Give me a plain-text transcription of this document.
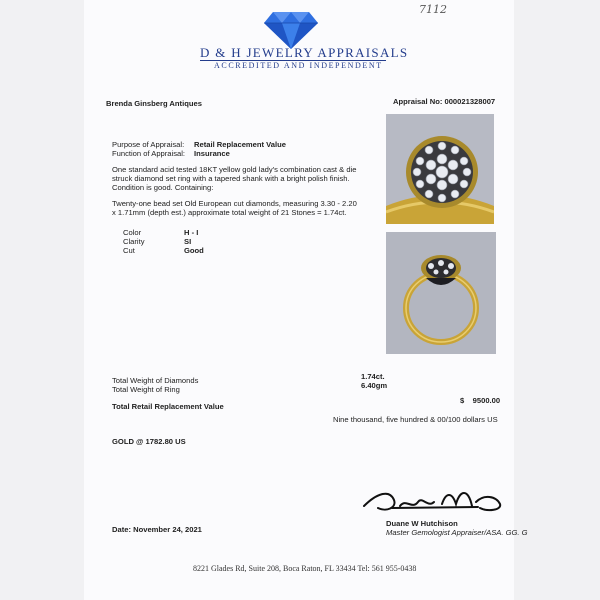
7112
D & H JEWELRY APPRAISALS
ACCREDITED AND INDEPENDENT
Brenda Ginsberg Antiques	Appraisal No: 000021328007
Purpose of Appraisal: Retail Replacement Value
Function of Appraisal: Insurance
One standard acid tested 18KT yellow gold lady's combination cast & die
struck diamond set ring with a tapered shank with a bright polish finish.
Condition is good. Containing:
Twenty-one bead set Old European cut diamonds, measuring 3.30 - 2.20
x 1.71mm (depth est.) approximate total weight of 21 Stones = 1.74ct.
Color	H - I
Clarity	SI
Cut	Good
Total Weight of Diamonds	1.74ct.
Total Weight of Ring	6.40gm
Total Retail Replacement Value
$    9500.00
Nine thousand, five hundred & 00/100 dollars US
GOLD @ 1782.80 US
Date: November 24, 2021
Duane W Hutchison
Master Gemologist Appraiser/ASA. GG. G
8221 Glades Rd, Suite 208, Boca Raton, FL 33434 Tel: 561 955-0438
